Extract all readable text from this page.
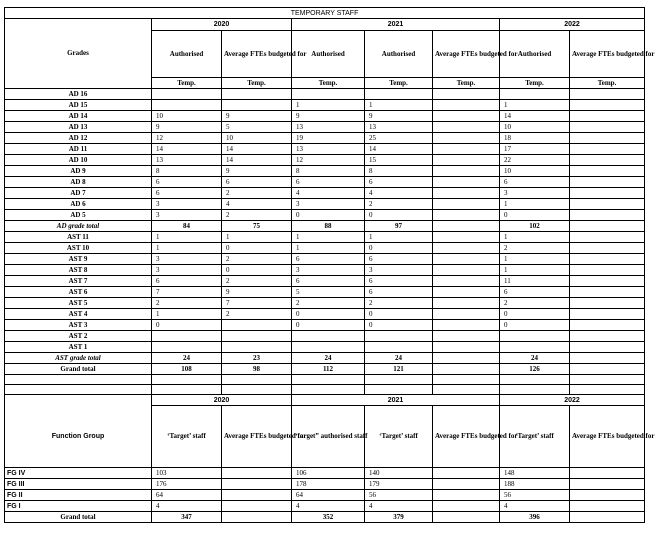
TEMPORARY STAFF							
Grades	2020		2021			2022	
	Authorised	Average FTEs budgeted for	Authorised	Authorised	Average FTEs budgeted for	Authorised	Average FTEs budgeted for
	Temp.	Temp.	Temp.	Temp.	Temp.	Temp.	Temp.
AD 16							
AD 15			1	1		1	
AD 14	10	9	9	9		14	
AD 13	9	5	13	13		10	
AD 12	12	10	19	25		18	
AD 11	14	14	13	14		17	
AD 10	13	14	12	15		22	
AD 9	8	9	8	8		10	
AD 8	6	6	6	6		6	
AD 7	6	2	4	4		3	
AD 6	3	4	3	2		1	
AD 5	3	2	0	0		0	
AD grade total	84	75	88	97		102	
AST 11	1	1	1	1		1	
AST 10	1	0	1	0		2	
AST 9	3	2	6	6		1	
AST 8	3	0	3	3		1	
AST 7	6	2	6	6		11	
AST 6	7	9	5	6		6	
AST 5	2	7	2	2		2	
AST 4	1	2	0	0		0	
AST 3	0		0	0		0	
AST 2							
AST 1							
AST grade total	24	23	24	24		24	
Grand total	108	98	112	121		126	

	2020		2021			2022	
Function Group	‘Target’ staff	Average FTEs budgeted for	“target” authorised staff	‘Target’ staff	Average FTEs budgeted for	‘Target’ staff	Average FTEs budgeted for
FG IV	103		106	140		148	
FG III	176		178	179		188	
FG II	64		64	56		56	
FG I	4		4	4		4	
Grand total	347		352	379		396	
